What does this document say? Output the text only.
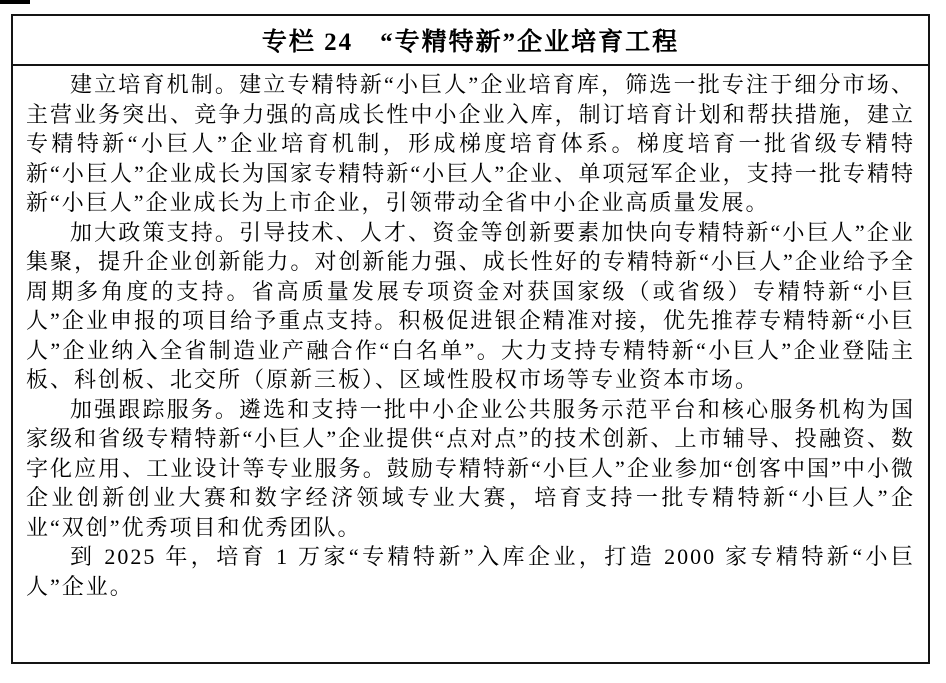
专栏 24　“专精特新”企业培育工程

建立培育机制。建立专精特新“小巨人”企业培育库，筛选一批专注于细分市场、主营业务突出、竞争力强的高成长性中小企业入库，制订培育计划和帮扶措施，建立专精特新“小巨人”企业培育机制，形成梯度培育体系。梯度培育一批省级专精特新“小巨人”企业成长为国家专精特新“小巨人”企业、单项冠军企业，支持一批专精特新“小巨人”企业成长为上市企业，引领带动全省中小企业高质量发展。

加大政策支持。引导技术、人才、资金等创新要素加快向专精特新“小巨人”企业集聚，提升企业创新能力。对创新能力强、成长性好的专精特新“小巨人”企业给予全周期多角度的支持。省高质量发展专项资金对获国家级（或省级）专精特新“小巨人”企业申报的项目给予重点支持。积极促进银企精准对接，优先推荐专精特新“小巨人”企业纳入全省制造业产融合作“白名单”。大力支持专精特新“小巨人”企业登陆主板、科创板、北交所（原新三板）、区域性股权市场等专业资本市场。

加强跟踪服务。遴选和支持一批中小企业公共服务示范平台和核心服务机构为国家级和省级专精特新“小巨人”企业提供“点对点”的技术创新、上市辅导、投融资、数字化应用、工业设计等专业服务。鼓励专精特新“小巨人”企业参加“创客中国”中小微企业创新创业大赛和数字经济领域专业大赛，培育支持一批专精特新“小巨人”企业“双创”优秀项目和优秀团队。

到 2025 年，培育 1 万家“专精特新”入库企业，打造 2000 家专精特新“小巨人”企业。
